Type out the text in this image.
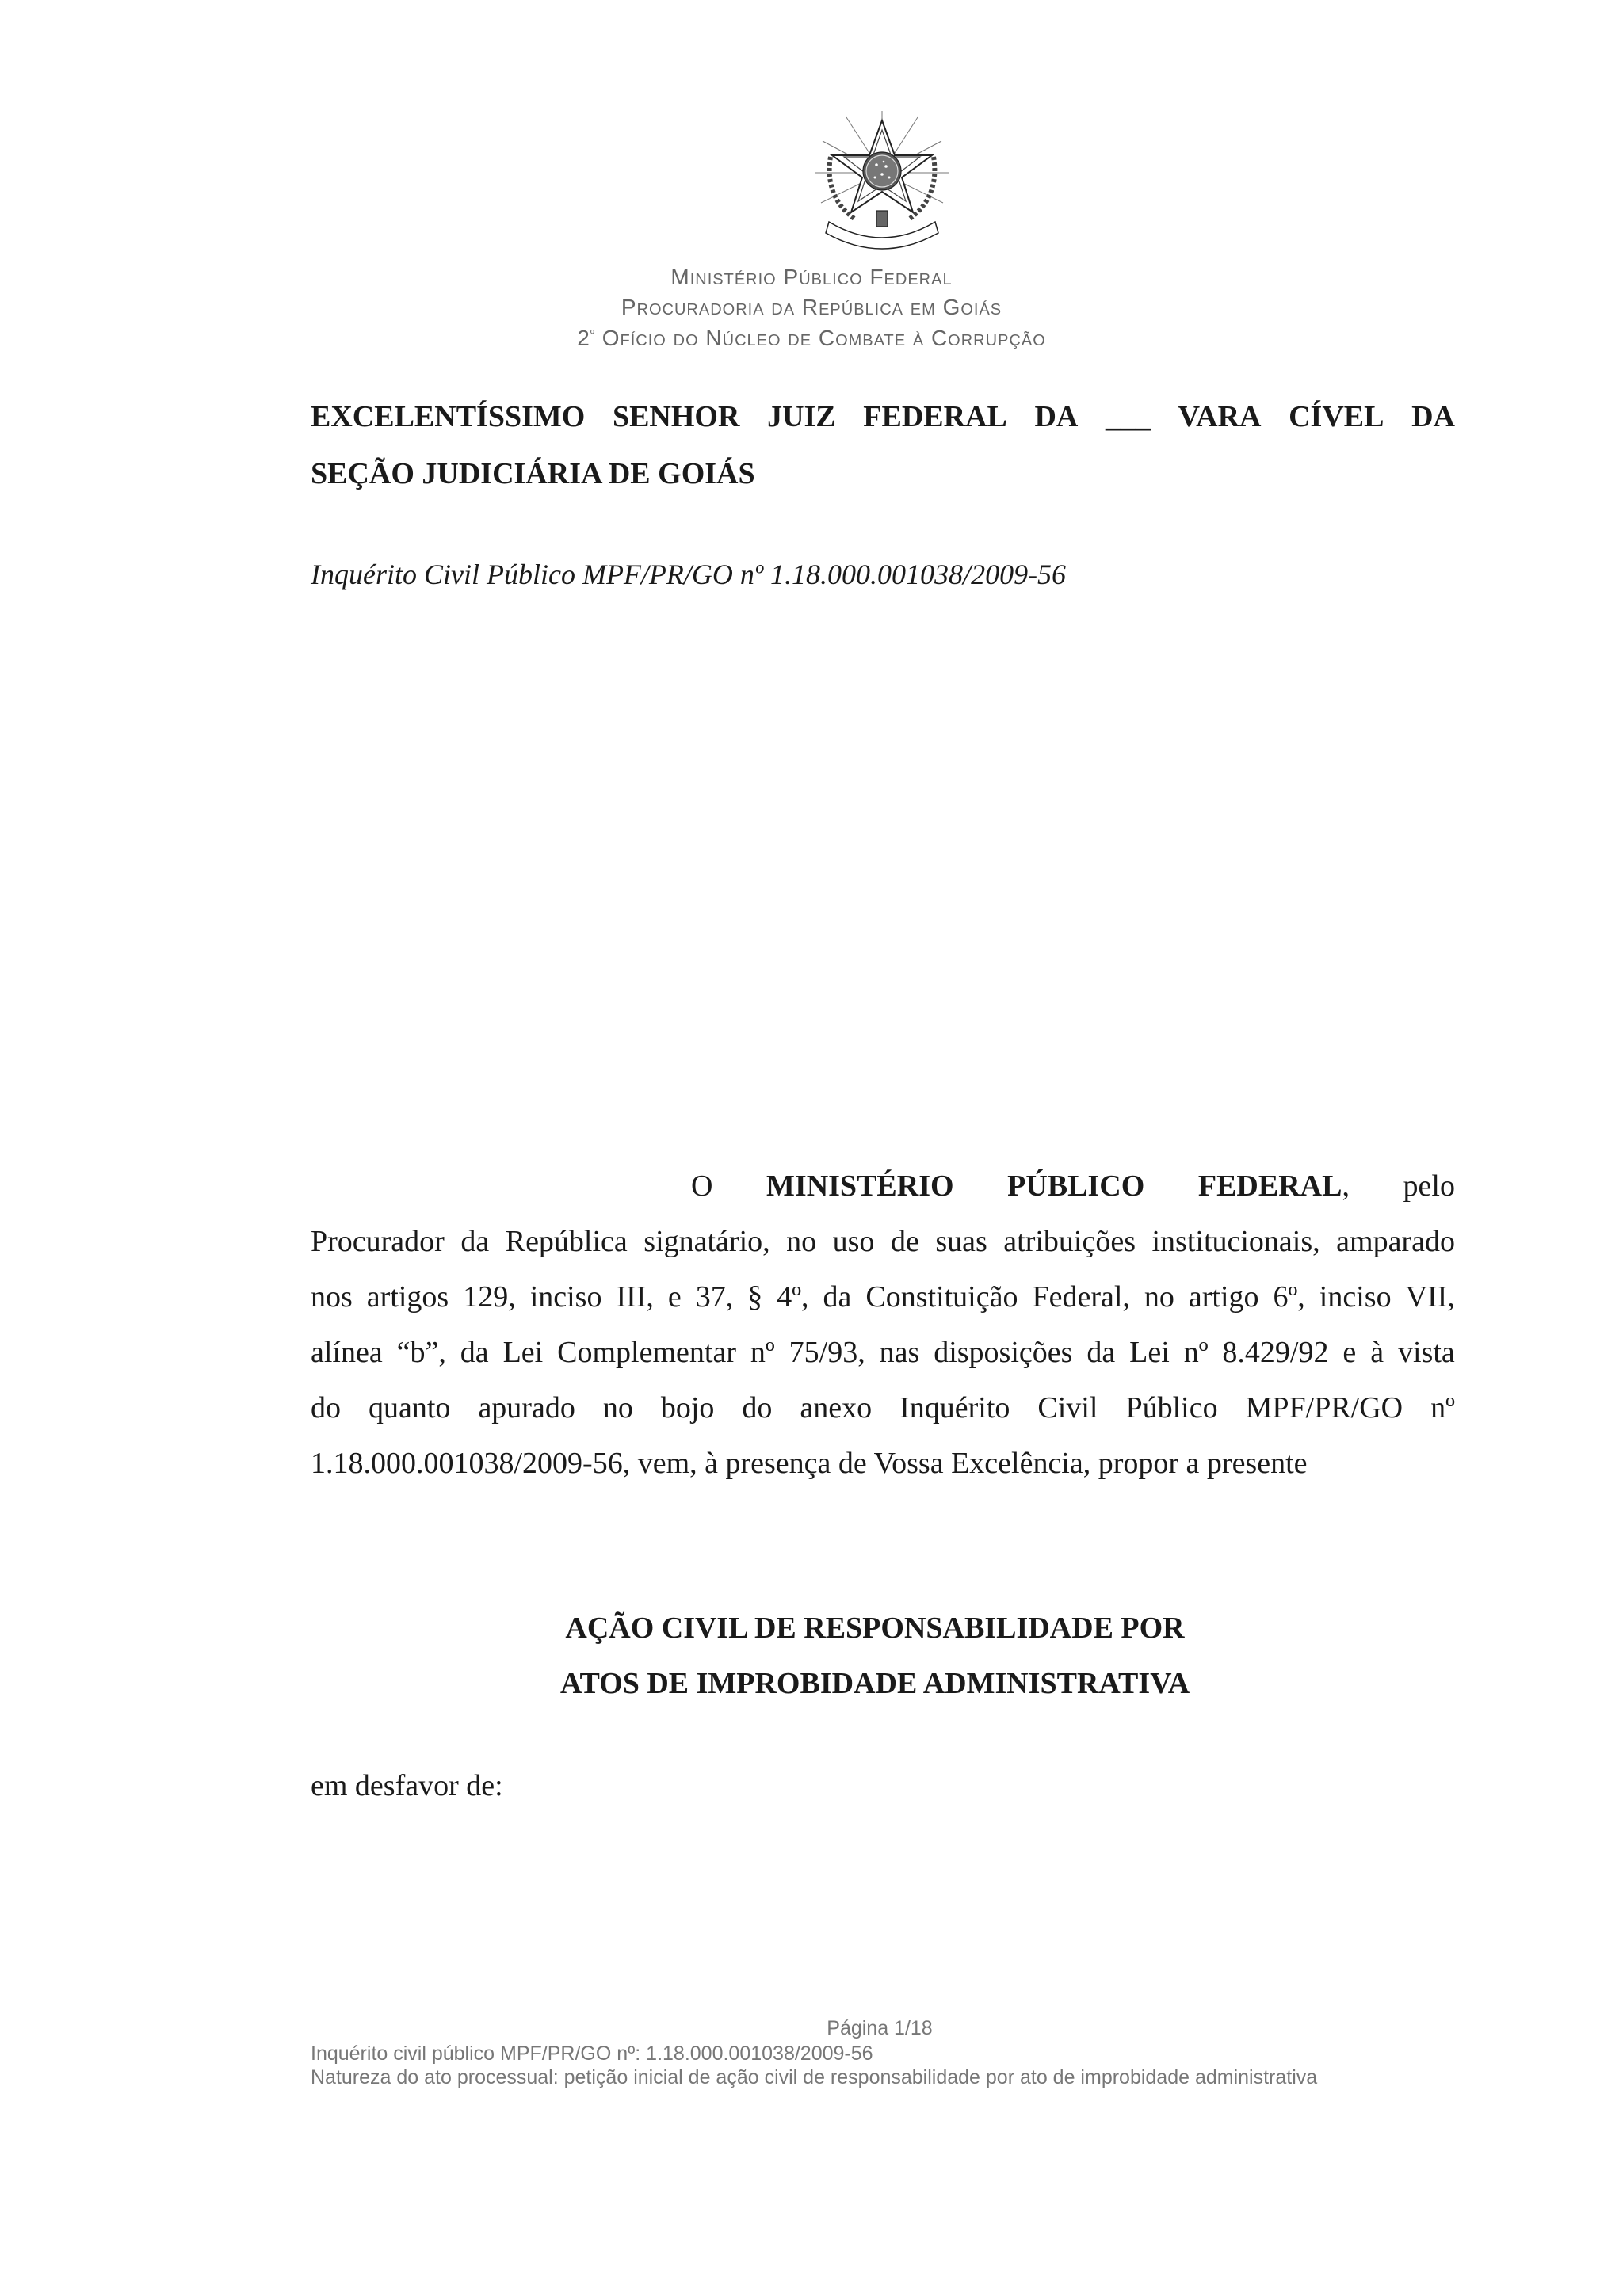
Ministério Público Federal
Procuradoria da República em Goiás
$2^º$ Ofício do Núcleo de Combate à Corrupção
EXCELENTÍSSIMO SENHOR JUIZ FEDERAL DA ___ VARA CÍVEL DA
SEÇÃO JUDICIÁRIA DE GOIÁS
Inquérito Civil Público MPF/PR/GO nº 1.18.000.001038/2009-56
O MINISTÉRIO PÚBLICO FEDERAL, pelo
Procurador da República signatário, no uso de suas atribuições institucionais, amparado
nos artigos 129, inciso III, e 37, § 4º, da Constituição Federal, no artigo 6º, inciso VII,
alínea “b”, da Lei Complementar nº 75/93, nas disposições da Lei nº 8.429/92 e à vista
do quanto apurado no bojo do anexo Inquérito Civil Público MPF/PR/GO nº
1.18.000.001038/2009-56, vem, à presença de Vossa Excelência, propor a presente
AÇÃO CIVIL DE RESPONSABILIDADE POR
ATOS DE IMPROBIDADE ADMINISTRATIVA
em desfavor de:
Página 1/18
Inquérito civil público MPF/PR/GO nº: 1.18.000.001038/2009-56
Natureza do ato processual: petição inicial de ação civil de responsabilidade por ato de improbidade administrativa
